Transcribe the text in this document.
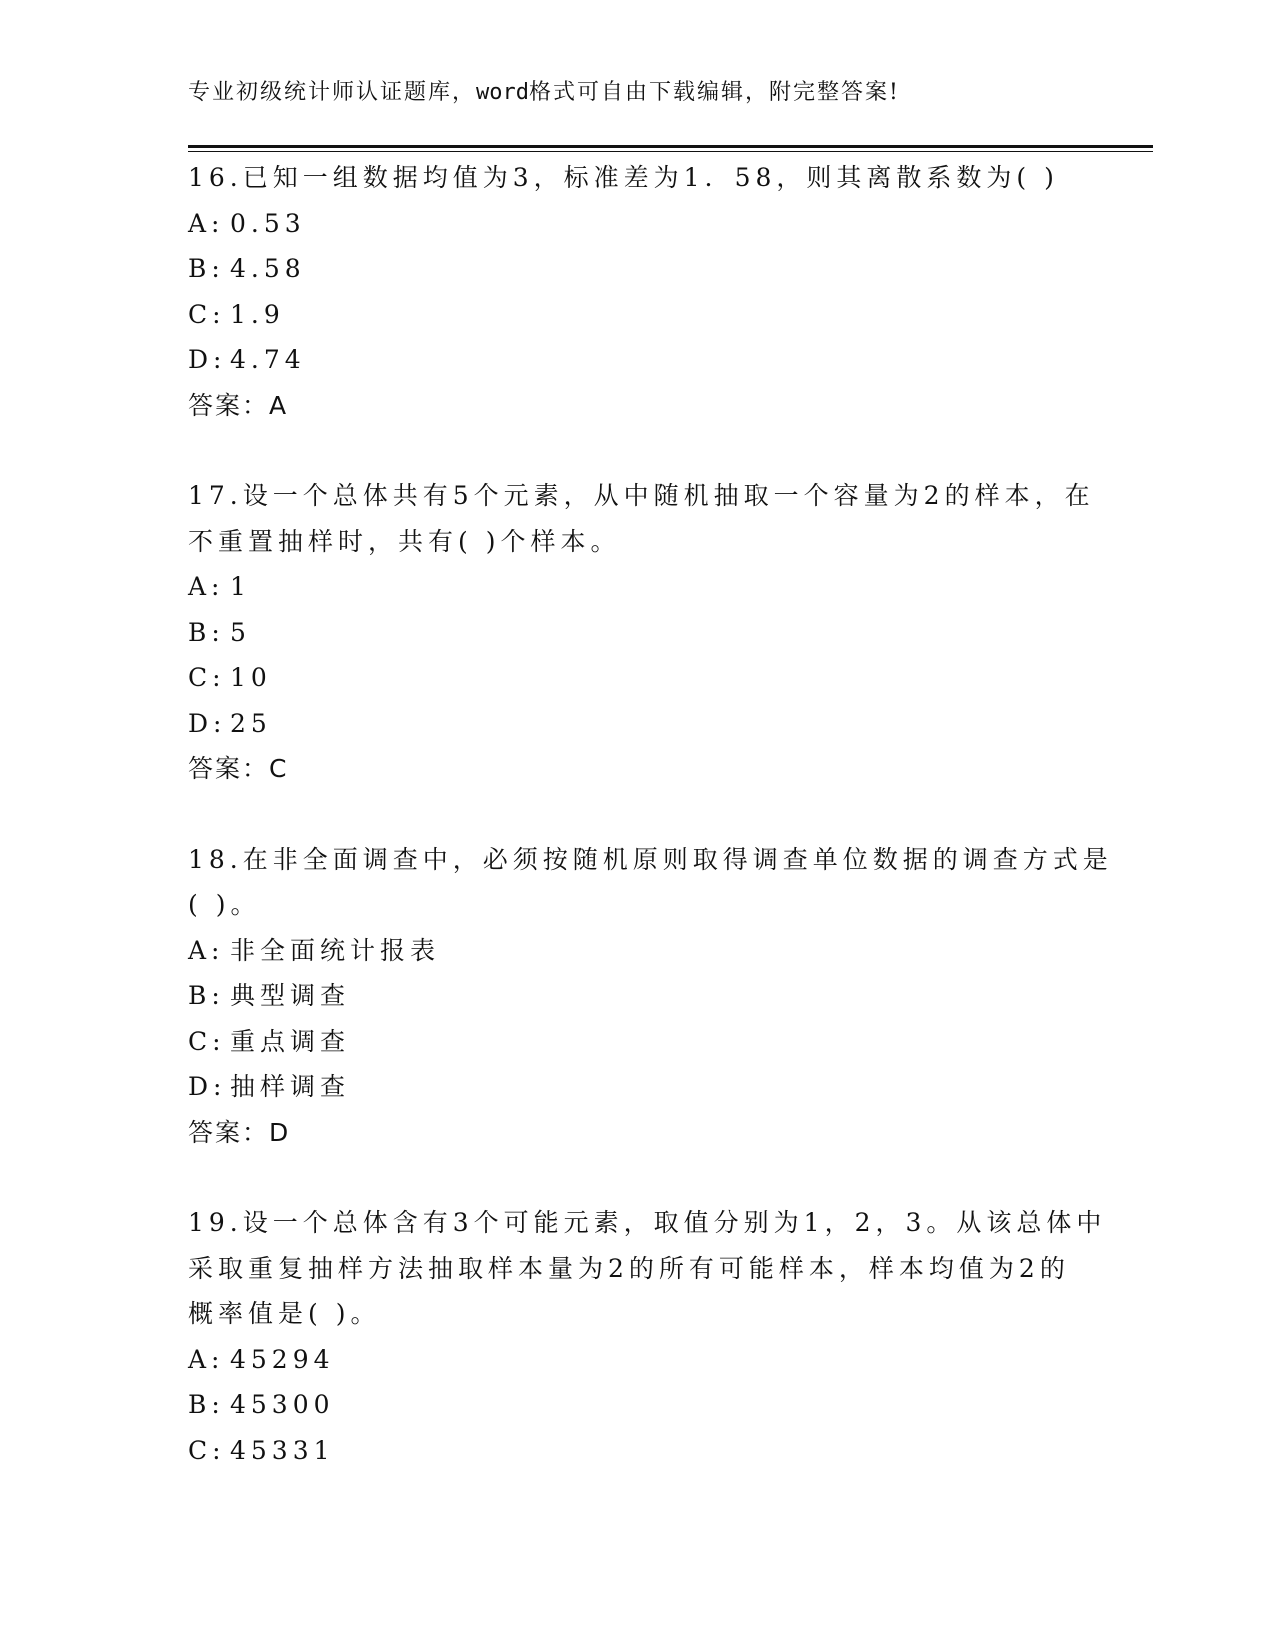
专业初级统计师认证题库，word格式可自由下载编辑，附完整答案!
16.已知一组数据均值为3，标准差为1．58，则其离散系数为( )
A: 0.53
B: 4.58
C: 1.9
D: 4.74
答案：A
17.设一个总体共有5个元素，从中随机抽取一个容量为2的样本，在
不重置抽样时，共有( )个样本。
A: 1
B: 5
C: 10
D: 25
答案：C
18.在非全面调查中，必须按随机原则取得调查单位数据的调查方式是
( )。
A: 非全面统计报表
B: 典型调查
C: 重点调查
D: 抽样调查
答案：D
19.设一个总体含有3个可能元素，取值分别为1，2，3。从该总体中
采取重复抽样方法抽取样本量为2的所有可能样本，样本均值为2的
概率值是( )。
A: 45294
B: 45300
C: 45331
